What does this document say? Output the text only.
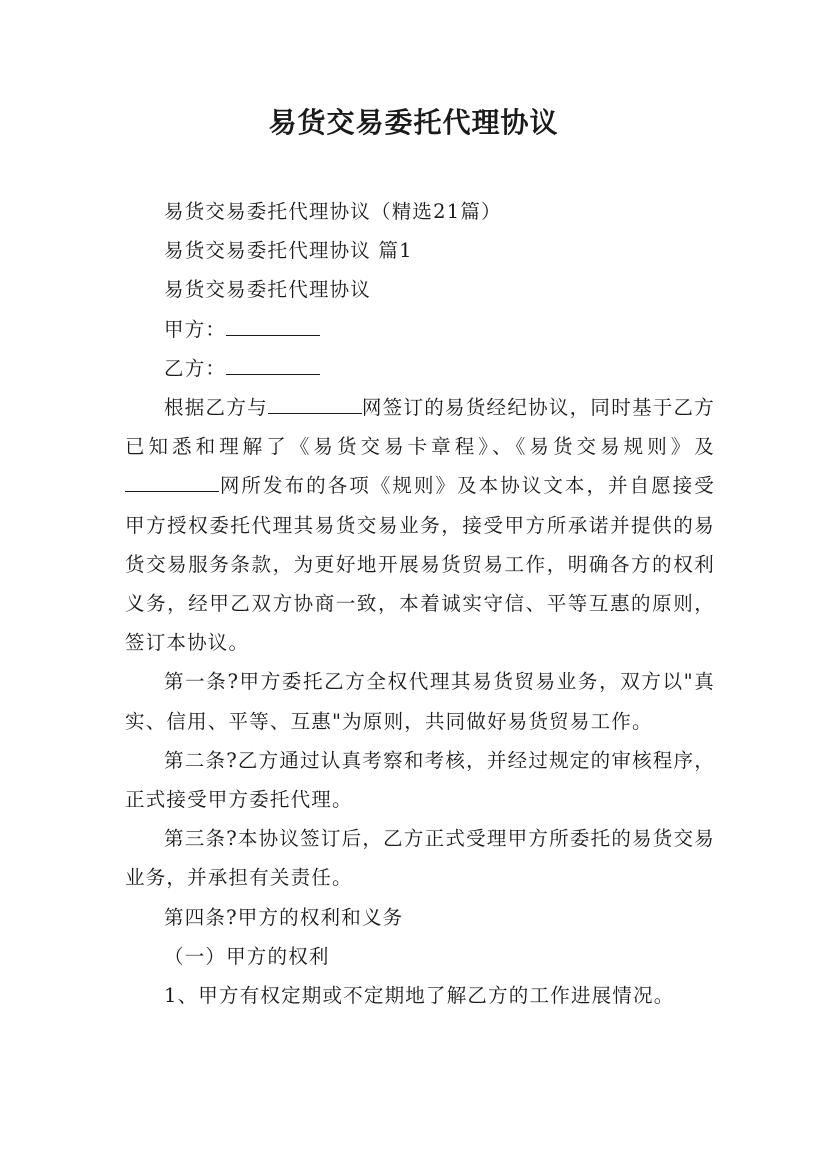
易货交易委托代理协议

易货交易委托代理协议（精选21篇）

易货交易委托代理协议 篇1

易货交易委托代理协议

甲方：

乙方：

根据乙方与	网签订的易货经纪协议，同时基于乙方已知悉和理解了《易货交易卡章程》、《易货交易规则》及网所发布的各项《规则》及本协议文本，并自愿接受甲方授权委托代理其易货交易业务，接受甲方所承诺并提供的易货交易服务条款，为更好地开展易货贸易工作，明确各方的权利义务，经甲乙双方协商一致，本着诚实守信、平等互惠的原则，签订本协议。

第一条?甲方委托乙方全权代理其易货贸易业务，双方以"真实、信用、平等、互惠"为原则，共同做好易货贸易工作。

第二条?乙方通过认真考察和考核，并经过规定的审核程序，正式接受甲方委托代理。

第三条?本协议签订后，乙方正式受理甲方所委托的易货交易业务，并承担有关责任。

第四条?甲方的权利和义务

（一）甲方的权利

1、甲方有权定期或不定期地了解乙方的工作进展情况。
